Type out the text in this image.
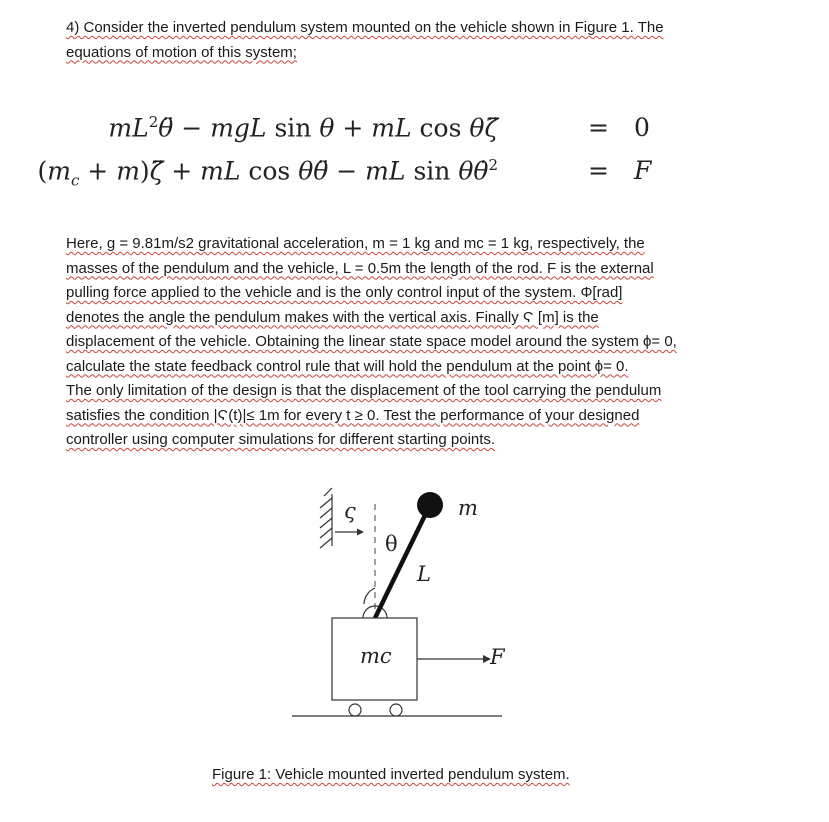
4) Consider the inverted pendulum system mounted on the vehicle shown in Figure 1. The
equations of motion of this system;
$mL^2\thetä$ − mgL sin θ + mL cos θζ̈	= 0
($m_c$ + m)ζ̈ + mL cos θθ̈ − mL sin θθ̇$^2$	= F
Here, g = 9.81m/s2 gravitational acceleration, m = 1 kg and mc = 1 kg, respectively, the
masses of the pendulum and the vehicle, L = 0.5m the length of the rod. F is the external
pulling force applied to the vehicle and is the only control input of the system. Φ[rad]
denotes the angle the pendulum makes with the vertical axis. Finally Ϛ [m] is the
displacement of the vehicle. Obtaining the linear state space model around the system ϕ= 0,
calculate the state feedback control rule that will hold the pendulum at the point ϕ= 0.
The only limitation of the design is that the displacement of the tool carrying the pendulum
satisfies the condition |Ϛ(t)|≤ 1m for every t ≥ 0. Test the performance of your designed
controller using computer simulations for different starting points.
ς
θ
m
L
mc	F
Figure 1: Vehicle mounted inverted pendulum system.
